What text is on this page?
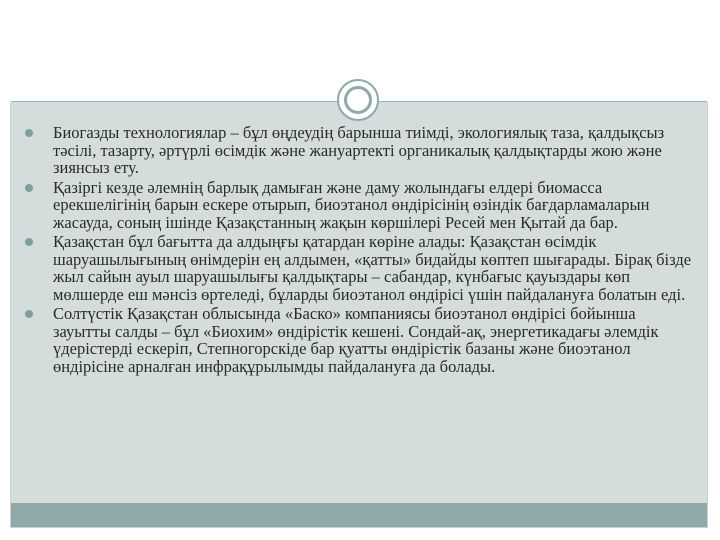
Биогазды технологиялар – бұл өңдеудің барынша тиімді, экологиялық таза, қалдықсыз тәсілі, тазарту, әртүрлі өсімдік және жануартекті органикалық қалдықтарды жою және зиянсыз ету.
Қазіргі кезде әлемнің барлық дамыған және даму жолындағы елдері биомасса ерекшелігінің барын ескере отырып, биоэтанол өндірісінің өзіндік бағдарламаларын жасауда, соның ішінде Қазақстанның жақын көршілері Ресей мен Қытай да бар.
Қазақстан бұл бағытта да алдыңғы қатардан көріне алады: Қазақстан өсімдік шаруашылығының өнімдерін ең алдымен, «қатты» бидайды көптеп шығарады. Бірақ бізде жыл сайын ауыл шаруашылығы қалдықтары – сабандар, күнбағыс қауыздары көп мөлшерде еш мәнсіз өртеледі, бұларды биоэтанол өндірісі үшін пайдалануға болатын еді.
Солтүстік Қазақстан облысында «Баско» компаниясы биоэтанол өндірісі бойынша зауытты салды – бұл «Биохим» өндірістік кешені. Сондай-ақ, энергетикадағы әлемдік үдерістерді ескеріп, Степногорскіде бар қуатты өндірістік базаны және биоэтанол өндірісіне арналған инфрақұрылымды пайдалануға да болады.
